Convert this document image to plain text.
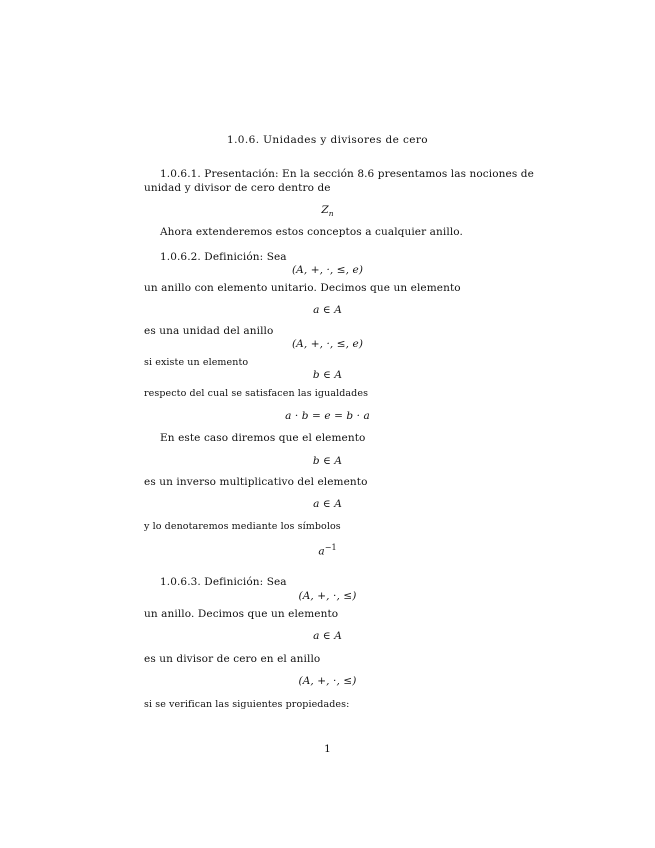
1.0.6. Unidades y divisores de cero
1.0.6.1. Presentación: En la sección 8.6 presentamos las nociones de
unidad y divisor de cero dentro de
$Z_n$
Ahora extenderemos estos conceptos a cualquier anillo.
1.0.6.2. Definición: Sea
(A, +, ·, ≤, e)
un anillo con elemento unitario. Decimos que un elemento
a ∈ A
es una unidad del anillo
(A, +, ·, ≤, e)
si existe un elemento
b ∈ A
respecto del cual se satisfacen las igualdades
a · b = e = b · a
En este caso diremos que el elemento
b ∈ A
es un inverso multiplicativo del elemento
a ∈ A
y lo denotaremos mediante los símbolos
$a^{-1}$
1.0.6.3. Definición: Sea
(A, +, ·, ≤)
un anillo. Decimos que un elemento
a ∈ A
es un divisor de cero en el anillo
(A, +, ·, ≤)
si se verifican las siguientes propiedades:
1
